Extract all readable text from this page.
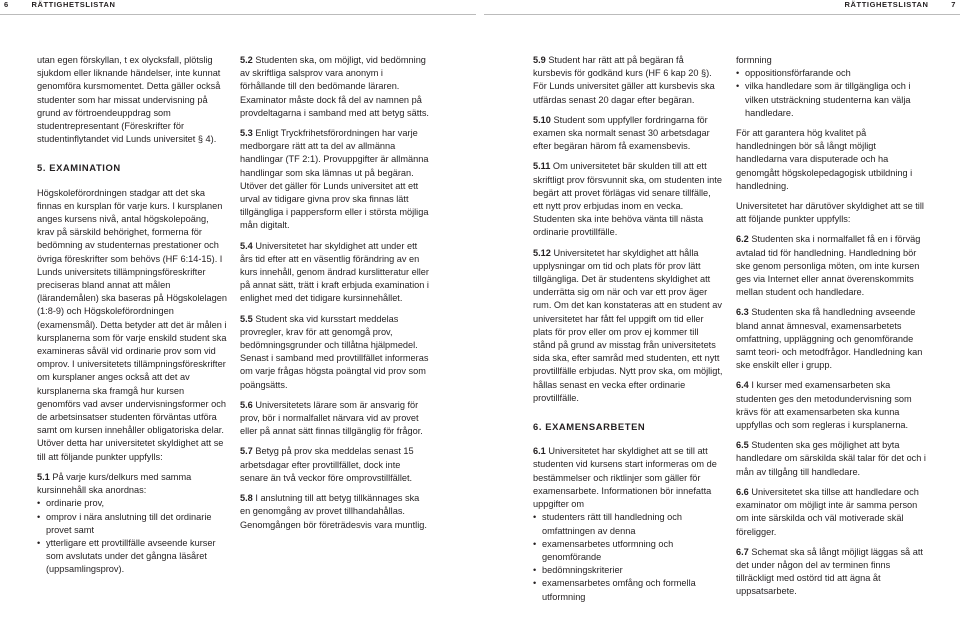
6	RÄTTIGHETSLISTAN	RÄTTIGHETSLISTAN	7

utan egen förskyllan, t ex olycksfall, plötslig sjukdom eller liknande händelser, inte kunnat genomföra kursmomentet. Detta gäller också studenter som har missat undervisning på grund av förtroendeuppdrag som studentrepresentant (Föreskrifter för studentinflytandet vid Lunds universitet § 4).

5. EXAMINATION

Högskoleförordningen stadgar att det ska finnas en kursplan för varje kurs. I kursplanen anges kursens nivå, antal högskolepoäng, krav på särskild behörighet, formerna för bedömning av studenternas prestationer och övriga föreskrifter som behövs (HF 6:14-15). I Lunds universitets tillämpningsföreskrifter preciseras bland annat att målen (lärandemålen) ska baseras på Högskolelagen (1:8-9) och Högskoleförordningen (examensmål). Detta betyder att det är målen i kursplanerna som för varje enskild student ska examineras såväl vid ordinarie prov som vid omprov. I universitetets tillämpningsföreskrifter om kursplaner anges också att det av kursplanerna ska framgå hur kursen genomförs vad avser undervisningsformer och de arbetsinsatser studenten förväntas utföra samt om kursen innehåller obligatoriska delar.

Utöver detta har universitetet skyldighet att se till att följande punkter uppfylls:

5.1 På varje kurs/delkurs med samma kursinnehåll ska anordnas:

• ordinarie prov,
• omprov i nära anslutning till det ordinarie provet samt
• ytterligare ett provtillfälle avseende kurser som avslutats under det gångna läsåret (uppsamlingsprov).

5.2 Studenten ska, om möjligt, vid bedömning av skriftliga salsprov vara anonym i förhållande till den bedömande läraren. Examinator måste dock få del av namnen på provdeltagarna i samband med att betyg sätts.

5.3 Enligt Tryckfrihetsförordningen har varje medborgare rätt att ta del av allmänna handlingar (TF 2:1). Provuppgifter är allmänna handlingar som ska lämnas ut på begäran. Utöver det gäller för Lunds universitet att ett urval av tidigare givna prov ska finnas lätt tillgängliga i pappersform eller i största möjliga mån digitalt.

5.4 Universitetet har skyldighet att under ett års tid efter att en väsentlig förändring av en kurs innehåll, genom ändrad kurslitteratur eller på annat sätt, trätt i kraft erbjuda examination i enlighet med det tidigare kursinnehållet.

5.5 Student ska vid kursstart meddelas provregler, krav för att genomgå prov, bedömningsgrunder och tillåtna hjälpmedel. Senast i samband med provtillfället informeras om varje frågas högsta poängtal vid prov som poängsätts.

5.6 Universitetets lärare som är ansvarig för prov, bör i normalfallet närvara vid av provet eller på annat sätt finnas tillgänglig för frågor.

5.7 Betyg på prov ska meddelas senast 15 arbetsdagar efter provtillfället, dock inte senare än två veckor före omprovstillfället.

5.8 I anslutning till att betyg tillkännages ska en genomgång av provet tillhandahållas. Genomgången bör företrädesvis vara muntlig.

5.9 Student har rätt att på begäran få kursbevis för godkänd kurs (HF 6 kap 20 §). För Lunds universitet gäller att kursbevis ska utfärdas senast 20 dagar efter begäran.

5.10 Student som uppfyller fordringarna för examen ska normalt senast 30 arbetsdagar efter begäran härom få examensbevis.

5.11 Om universitetet bär skulden till att ett skriftligt prov försvunnit ska, om studenten inte begärt att provet förlägas vid senare tillfälle, ett nytt prov erbjudas inom en vecka. Studenten ska inte behöva vänta till nästa ordinarie provtillfälle.

5.12 Universitetet har skyldighet att hålla upplysningar om tid och plats för prov lätt tillgängliga. Det är studentens skyldighet att underrätta sig om när och var ett prov äger rum. Om det kan konstateras att en student av universitetet har fått fel uppgift om tid eller plats för prov eller om prov ej kommer till stånd på grund av misstag från universitetets sida ska, efter samråd med studenten, ett nytt provtillfälle erbjudas. Nytt prov ska, om möjligt, hållas senast en vecka efter ordinarie provtillfälle.

6. EXAMENSARBETEN

6.1 Universitetet har skyldighet att se till att studenten vid kursens start informeras om de bestämmelser och riktlinjer som gäller för examensarbete. Informationen bör innefatta uppgifter om

• studenters rätt till handledning och omfattningen av denna
• examensarbetes utformning och genomförande
• bedömningskriterier
• examensarbetes omfång och formella utformning

formning

• oppositionsförfarande och
• vilka handledare som är tillgängliga och i vilken utsträckning studenterna kan välja handledare.

För att garantera hög kvalitet på handledningen bör så långt möjligt handledarna vara disputerade och ha genomgått högskolepedagogisk utbildning i handledning.

Universitetet har därutöver skyldighet att se till att följande punkter uppfylls:

6.2 Studenten ska i normalfallet få en i förväg avtalad tid för handledning. Handledning bör ske genom personliga möten, om inte kursen ges via Internet eller annat överenskommits mellan student och handledare.

6.3 Studenten ska få handledning avseende bland annat ämnesval, examensarbetets omfattning, uppläggning och genomförande samt teori- och metodfrågor. Handledning kan ske enskilt eller i grupp.

6.4 I kurser med examensarbeten ska studenten ges den metodundervisning som krävs för att examensarbeten ska kunna uppfyllas och som regleras i kursplanerna.

6.5 Studenten ska ges möjlighet att byta handledare om särskilda skäl talar för det och i mån av tillgång till handledare.

6.6 Universitetet ska tillse att handledare och examinator om möjligt inte är samma person om inte särskilda och väl motiverade skäl föreligger.

6.7 Schemat ska så långt möjligt läggas så att det under någon del av terminen finns tillräckligt med ostörd tid att ägna åt uppsatsarbete.
